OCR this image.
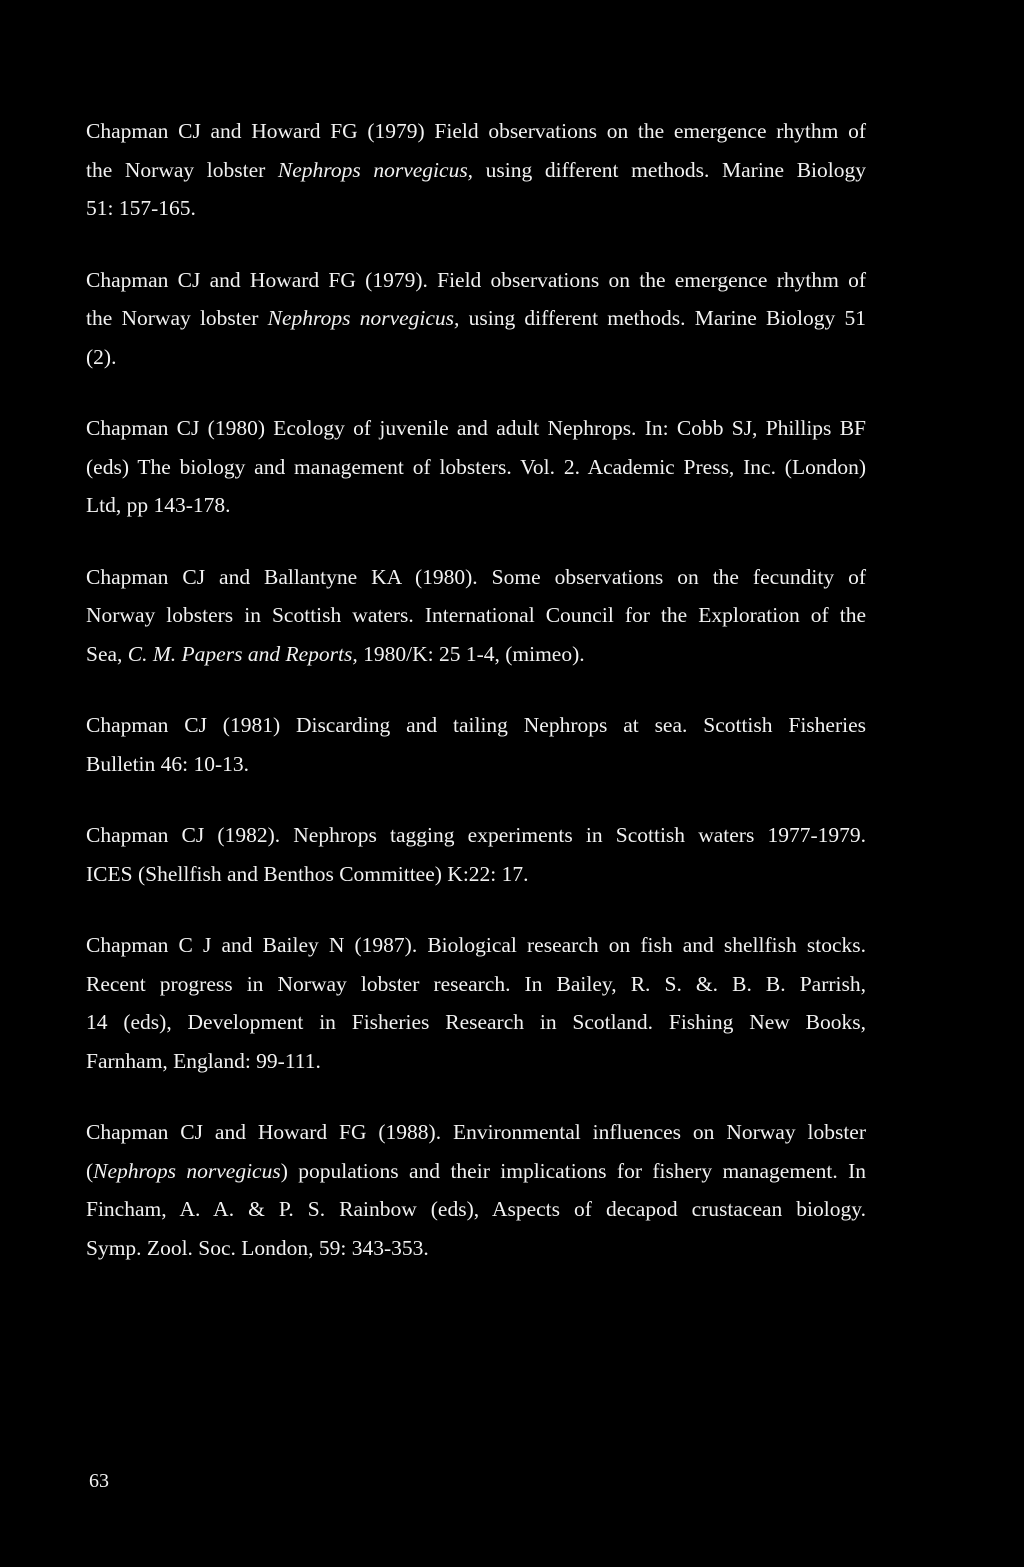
Chapman CJ and Howard FG (1979) Field observations on the emergence rhythm of
the Norway lobster Nephrops norvegicus, using different methods. Marine Biology
51: 157-165.
Chapman CJ and Howard FG (1979). Field observations on the emergence rhythm of
the Norway lobster Nephrops norvegicus, using different methods. Marine Biology 51
(2).
Chapman CJ (1980) Ecology of juvenile and adult Nephrops. In: Cobb SJ, Phillips BF
(eds) The biology and management of lobsters. Vol. 2. Academic Press, Inc. (London)
Ltd, pp 143-178.
Chapman CJ and Ballantyne KA (1980). Some observations on the fecundity of
Norway lobsters in Scottish waters. International Council for the Exploration of the
Sea, C. M. Papers and Reports, 1980/K: 25 1-4, (mimeo).
Chapman CJ (1981) Discarding and tailing Nephrops at sea. Scottish Fisheries
Bulletin 46: 10-13.
Chapman CJ (1982). Nephrops tagging experiments in Scottish waters 1977-1979.
ICES (Shellfish and Benthos Committee) K:22: 17.
Chapman C J and Bailey N (1987). Biological research on fish and shellfish stocks.
Recent progress in Norway lobster research. In Bailey, R. S. &. B. B. Parrish,
14 (eds), Development in Fisheries Research in Scotland. Fishing New Books,
Farnham, England: 99-111.
Chapman CJ and Howard FG (1988). Environmental influences on Norway lobster
(Nephrops norvegicus) populations and their implications for fishery management. In
Fincham, A. A. & P. S. Rainbow (eds), Aspects of decapod crustacean biology.
Symp. Zool. Soc. London, 59: 343-353.
63
